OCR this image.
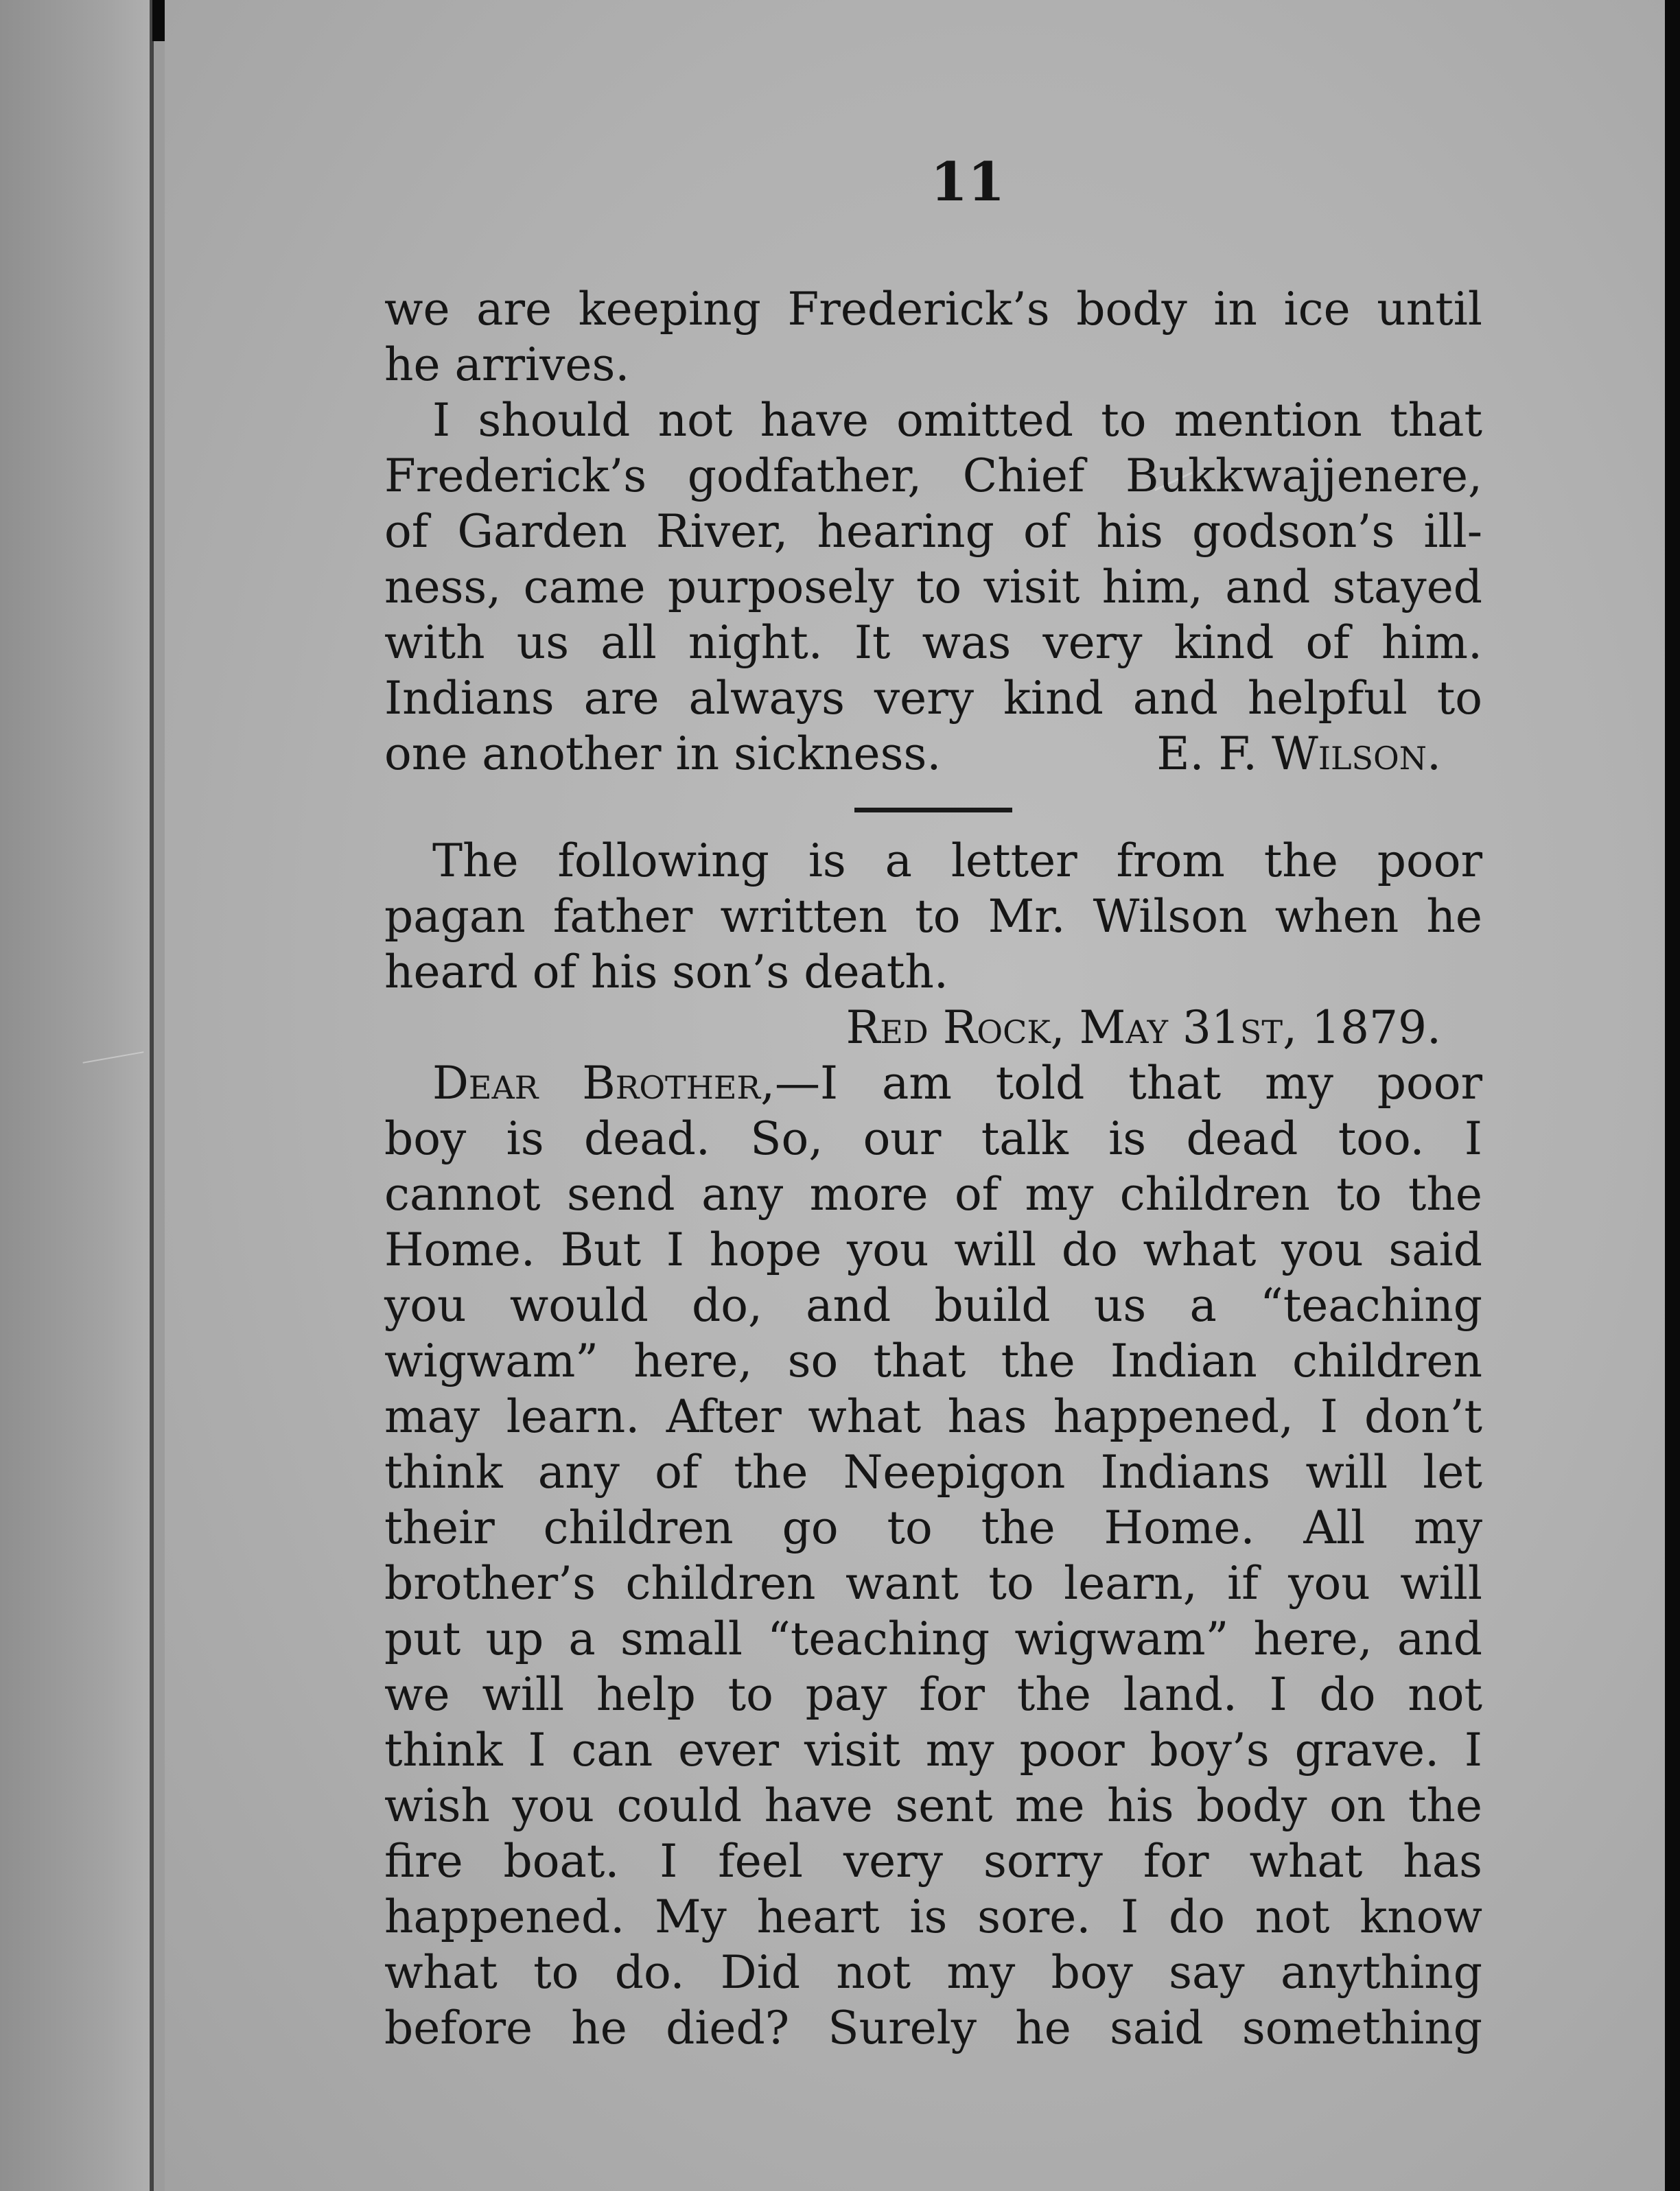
11

we are keeping Frederick’s body in ice until
he arrives.

I should not have omitted to mention that
Frederick’s godfather, Chief Bukkwajjenere,
of Garden River, hearing of his godson’s ill-
ness, came purposely to visit him, and stayed
with us all night. It was very kind of him.
Indians are always very kind and helpful to
one another in sickness.	E. F. Wilson.

The following is a letter from the poor
pagan father written to Mr. Wilson when he
heard of his son’s death.

Red Rock, May 31st, 1879.

Dear Brother,—I am told that my poor
boy is dead. So, our talk is dead too. I
cannot send any more of my children to the
Home. But I hope you will do what you said
you would do, and build us a “teaching
wigwam” here, so that the Indian children
may learn. After what has happened, I don’t
think any of the Neepigon Indians will let
their children go to the Home. All my
brother’s children want to learn, if you will
put up a small “teaching wigwam” here, and
we will help to pay for the land. I do not
think I can ever visit my poor boy’s grave. I
wish you could have sent me his body on the
fire boat. I feel very sorry for what has
happened. My heart is sore. I do not know
what to do. Did not my boy say anything
before he died? Surely he said something
